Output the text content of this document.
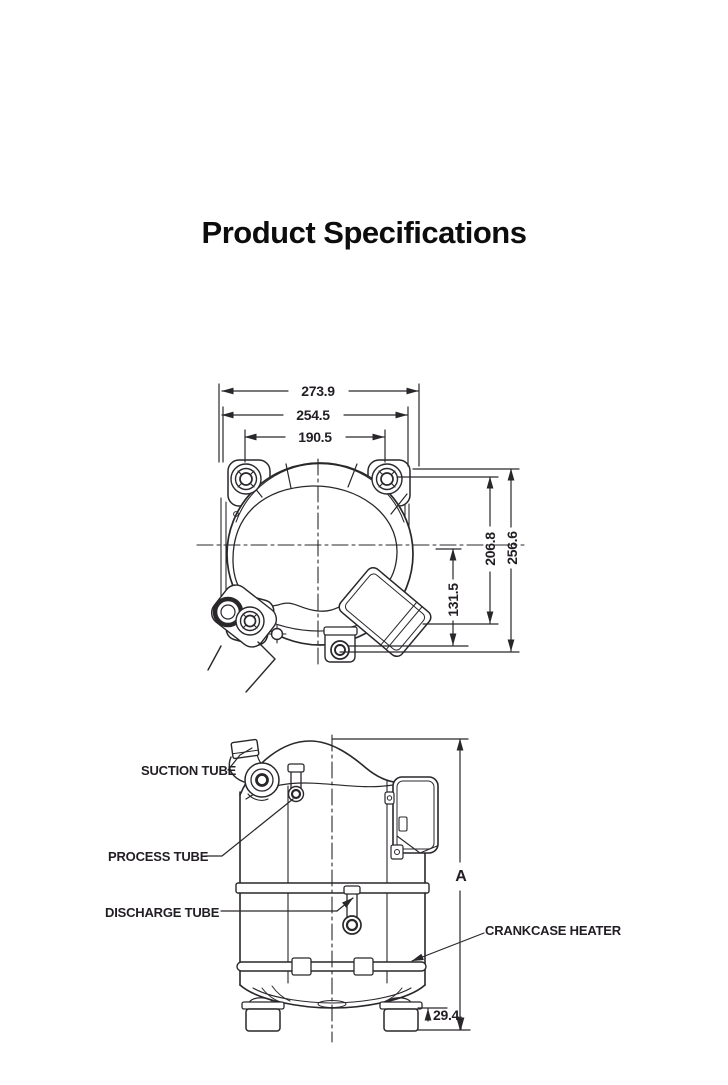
Product Specifications
273.9
254.5
190.5
206.8 256.6
131.5
SUCTION TUBE
PROCESS TUBE
DISCHARGE TUBE
CRANKCASE HEATER
A
29.4
